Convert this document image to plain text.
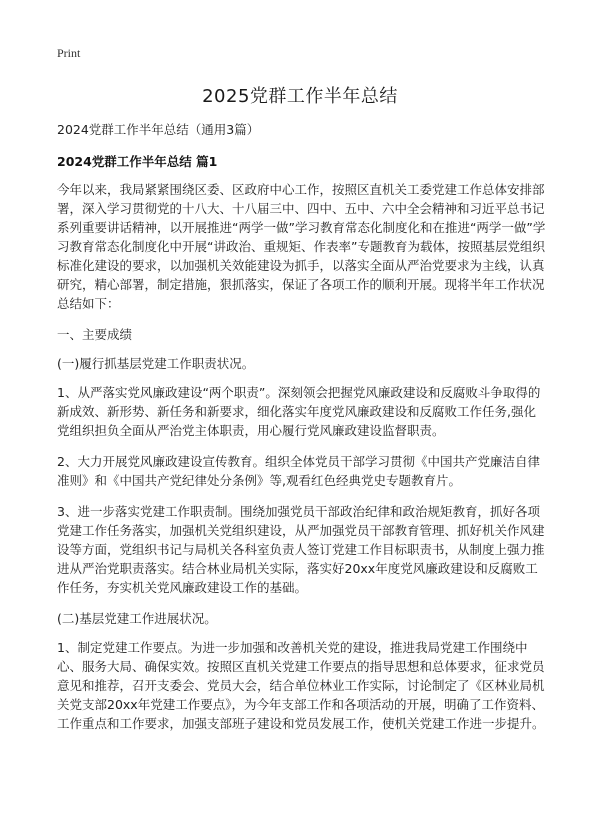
Print
2025党群工作半年总结
2024党群工作半年总结（通用3篇）
2024党群工作半年总结 篇1

今年以来，我局紧紧围绕区委、区政府中心工作，按照区直机关工委党建工作总体安排部署，深入学习贯彻党的十八大、十八届三中、四中、五中、六中全会精神和习近平总书记系列重要讲话精神，以开展推进“两学一做”学习教育常态化制度化和在推进“两学一做”学习教育常态化制度化中开展“讲政治、重规矩、作表率”专题教育为载体，按照基层党组织标准化建设的要求，以加强机关效能建设为抓手，以落实全面从严治党要求为主线，认真研究，精心部署，制定措施，狠抓落实，保证了各项工作的顺利开展。现将半年工作状况总结如下：

一、主要成绩

(一)履行抓基层党建工作职责状况。

1、从严落实党风廉政建设“两个职责”。深刻领会把握党风廉政建设和反腐败斗争取得的新成效、新形势、新任务和新要求，细化落实年度党风廉政建设和反腐败工作任务,强化党组织担负全面从严治党主体职责，用心履行党风廉政建设监督职责。

2、大力开展党风廉政建设宣传教育。组织全体党员干部学习贯彻《中国共产党廉洁自律准则》和《中国共产党纪律处分条例》等,观看红色经典党史专题教育片。

3、进一步落实党建工作职责制。围绕加强党员干部政治纪律和政治规矩教育，抓好各项党建工作任务落实，加强机关党组织建设，从严加强党员干部教育管理、抓好机关作风建设等方面，党组织书记与局机关各科室负责人签订党建工作目标职责书，从制度上强力推进从严治党职责落实。结合林业局机关实际，落实好20xx年度党风廉政建设和反腐败工作任务，夯实机关党风廉政建设工作的基础。

(二)基层党建工作进展状况。

1、制定党建工作要点。为进一步加强和改善机关党的建设，推进我局党建工作围绕中心、服务大局、确保实效。按照区直机关党建工作要点的指导思想和总体要求，征求党员意见和推荐，召开支委会、党员大会，结合单位林业工作实际，讨论制定了《区林业局机关党支部20xx年党建工作要点》，为今年支部工作和各项活动的开展，明确了工作资料、工作重点和工作要求，加强支部班子建设和党员发展工作，使机关党建工作进一步提升。
